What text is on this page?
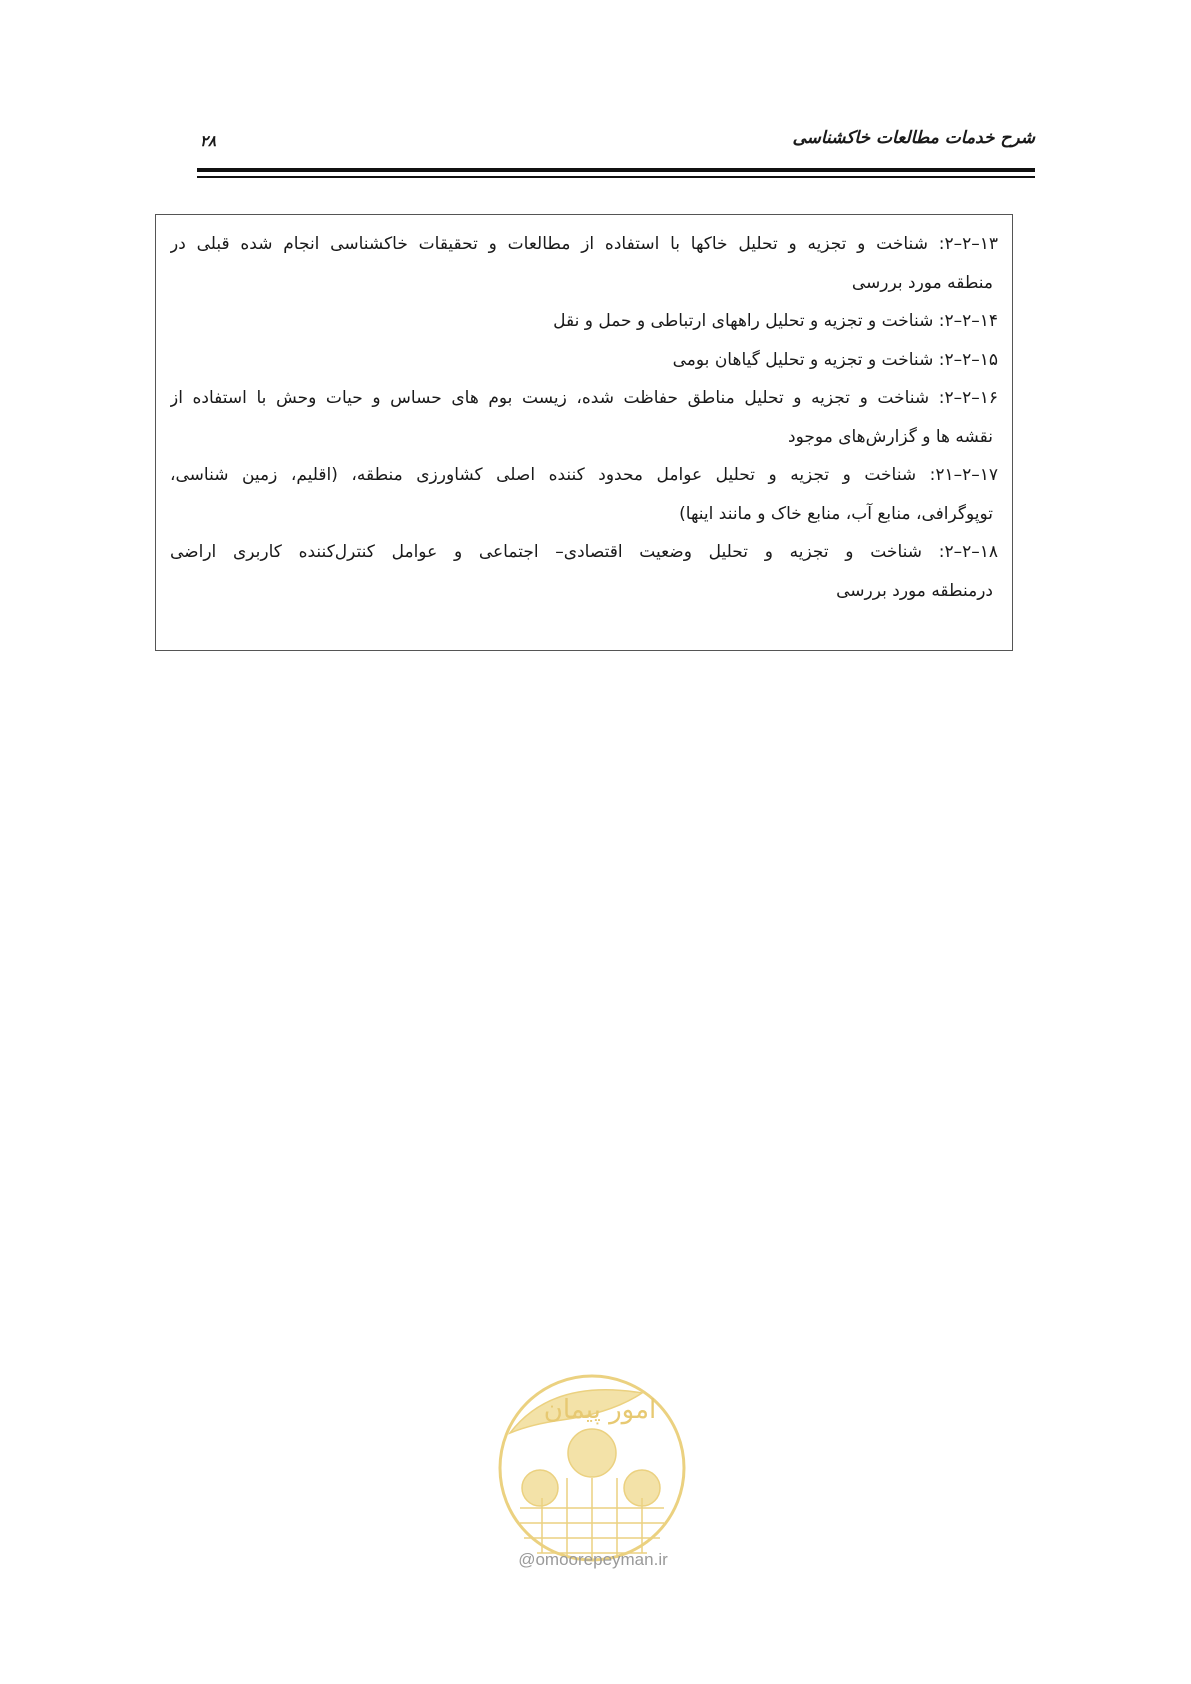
شرح خدمات مطالعات خاکشناسی
۲۸

۱۳–۲–۲: شناخت و تجزیه و تحلیل خاکها با استفاده از مطالعات و تحقیقات خاکشناسی انجام شده قبلی در
منطقه مورد بررسی

۱۴–۲–۲: شناخت و تجزیه و تحلیل راههای ارتباطی و حمل و نقل

۱۵–۲–۲: شناخت و تجزیه و تحلیل گیاهان بومی

۱۶–۲–۲: شناخت و تجزیه و تحلیل مناطق حفاظت شده، زیست بوم های حساس و حیات وحش با استفاده از
نقشه ها و گزارش‌های موجود

۱۷–۲–۲۱: شناخت و تجزیه و تحلیل عوامل محدود کننده اصلی کشاورزی منطقه، (اقلیم، زمین شناسی،
توپوگرافی، منابع آب، منابع خاک و مانند اینها)

۱۸–۲–۲: شناخت و تجزیه و تحلیل وضعیت اقتصادی– اجتماعی و عوامل کنترل‌کننده کاربری اراضی
درمنطقه مورد بررسی

امور پیمان
@omoorepeyman.ir
